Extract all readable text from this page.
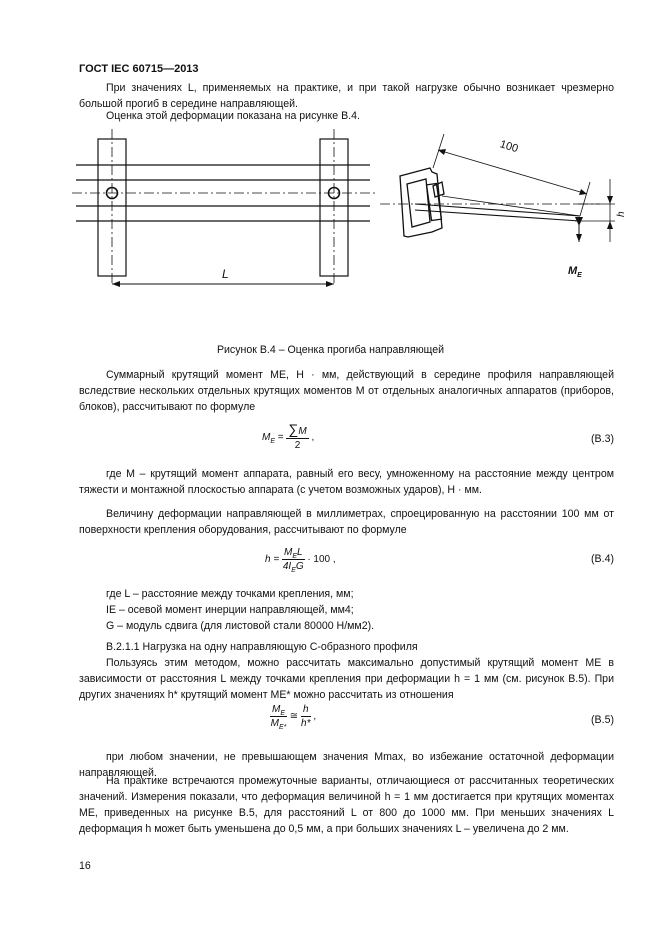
ГОСТ IEC 60715—2013
При значениях L, применяемых на практике, и при такой нагрузке обычно возникает чрезмерно большой прогиб в середине направляющей.
Оценка этой деформации показана на рисунке В.4.
L
100
h
$M_E$
Рисунок В.4 – Оценка прогиба направляющей
Суммарный крутящий момент ME, Н · мм, действующий в середине профиля направляющей вследствие нескольких отдельных крутящих моментов M от отдельных аналогичных аппаратов (приборов, блоков), рассчитывают по формуле
$M_E = \frac{\sum M}{2}$ ,	(В.3)
где M – крутящий момент аппарата, равный его весу, умноженному на расстояние между центром тяжести и монтажной плоскостью аппарата (с учетом возможных ударов), Н · мм.
Величину деформации направляющей в миллиметрах, спроецированную на расстоянии 100 мм от поверхности крепления оборудования, рассчитывают по формуле
$h = \frac{M_EL}{4I_EG} \cdot 100$ ,	(В.4)
где L – расстояние между точками крепления, мм;
IE – осевой момент инерции направляющей, мм4;
G – модуль сдвига (для листовой стали 80000 Н/мм2).
В.2.1.1 Нагрузка на одну направляющую С-образного профиля
Пользуясь этим методом, можно рассчитать максимально допустимый крутящий момент ME в зависимости от расстояния L между точками крепления при деформации h = 1 мм (см. рисунок В.5). При других значениях h* крутящий момент ME* можно рассчитать из отношения
$\frac{M_E}{M_{E*}}$ ≅ $\frac{h}{h*}$ ,	(В.5)
при любом значении, не превышающем значения Mmax, во избежание остаточной деформации направляющей.
На практике встречаются промежуточные варианты, отличающиеся от рассчитанных теоретических значений. Измерения показали, что деформация величиной h = 1 мм достигается при крутящих моментах ME, приведенных на рисунке В.5, для расстояний L от 800 до 1000 мм. При меньших значениях L деформация h может быть уменьшена до 0,5 мм, а при больших значениях L – увеличена до 2 мм.
16
